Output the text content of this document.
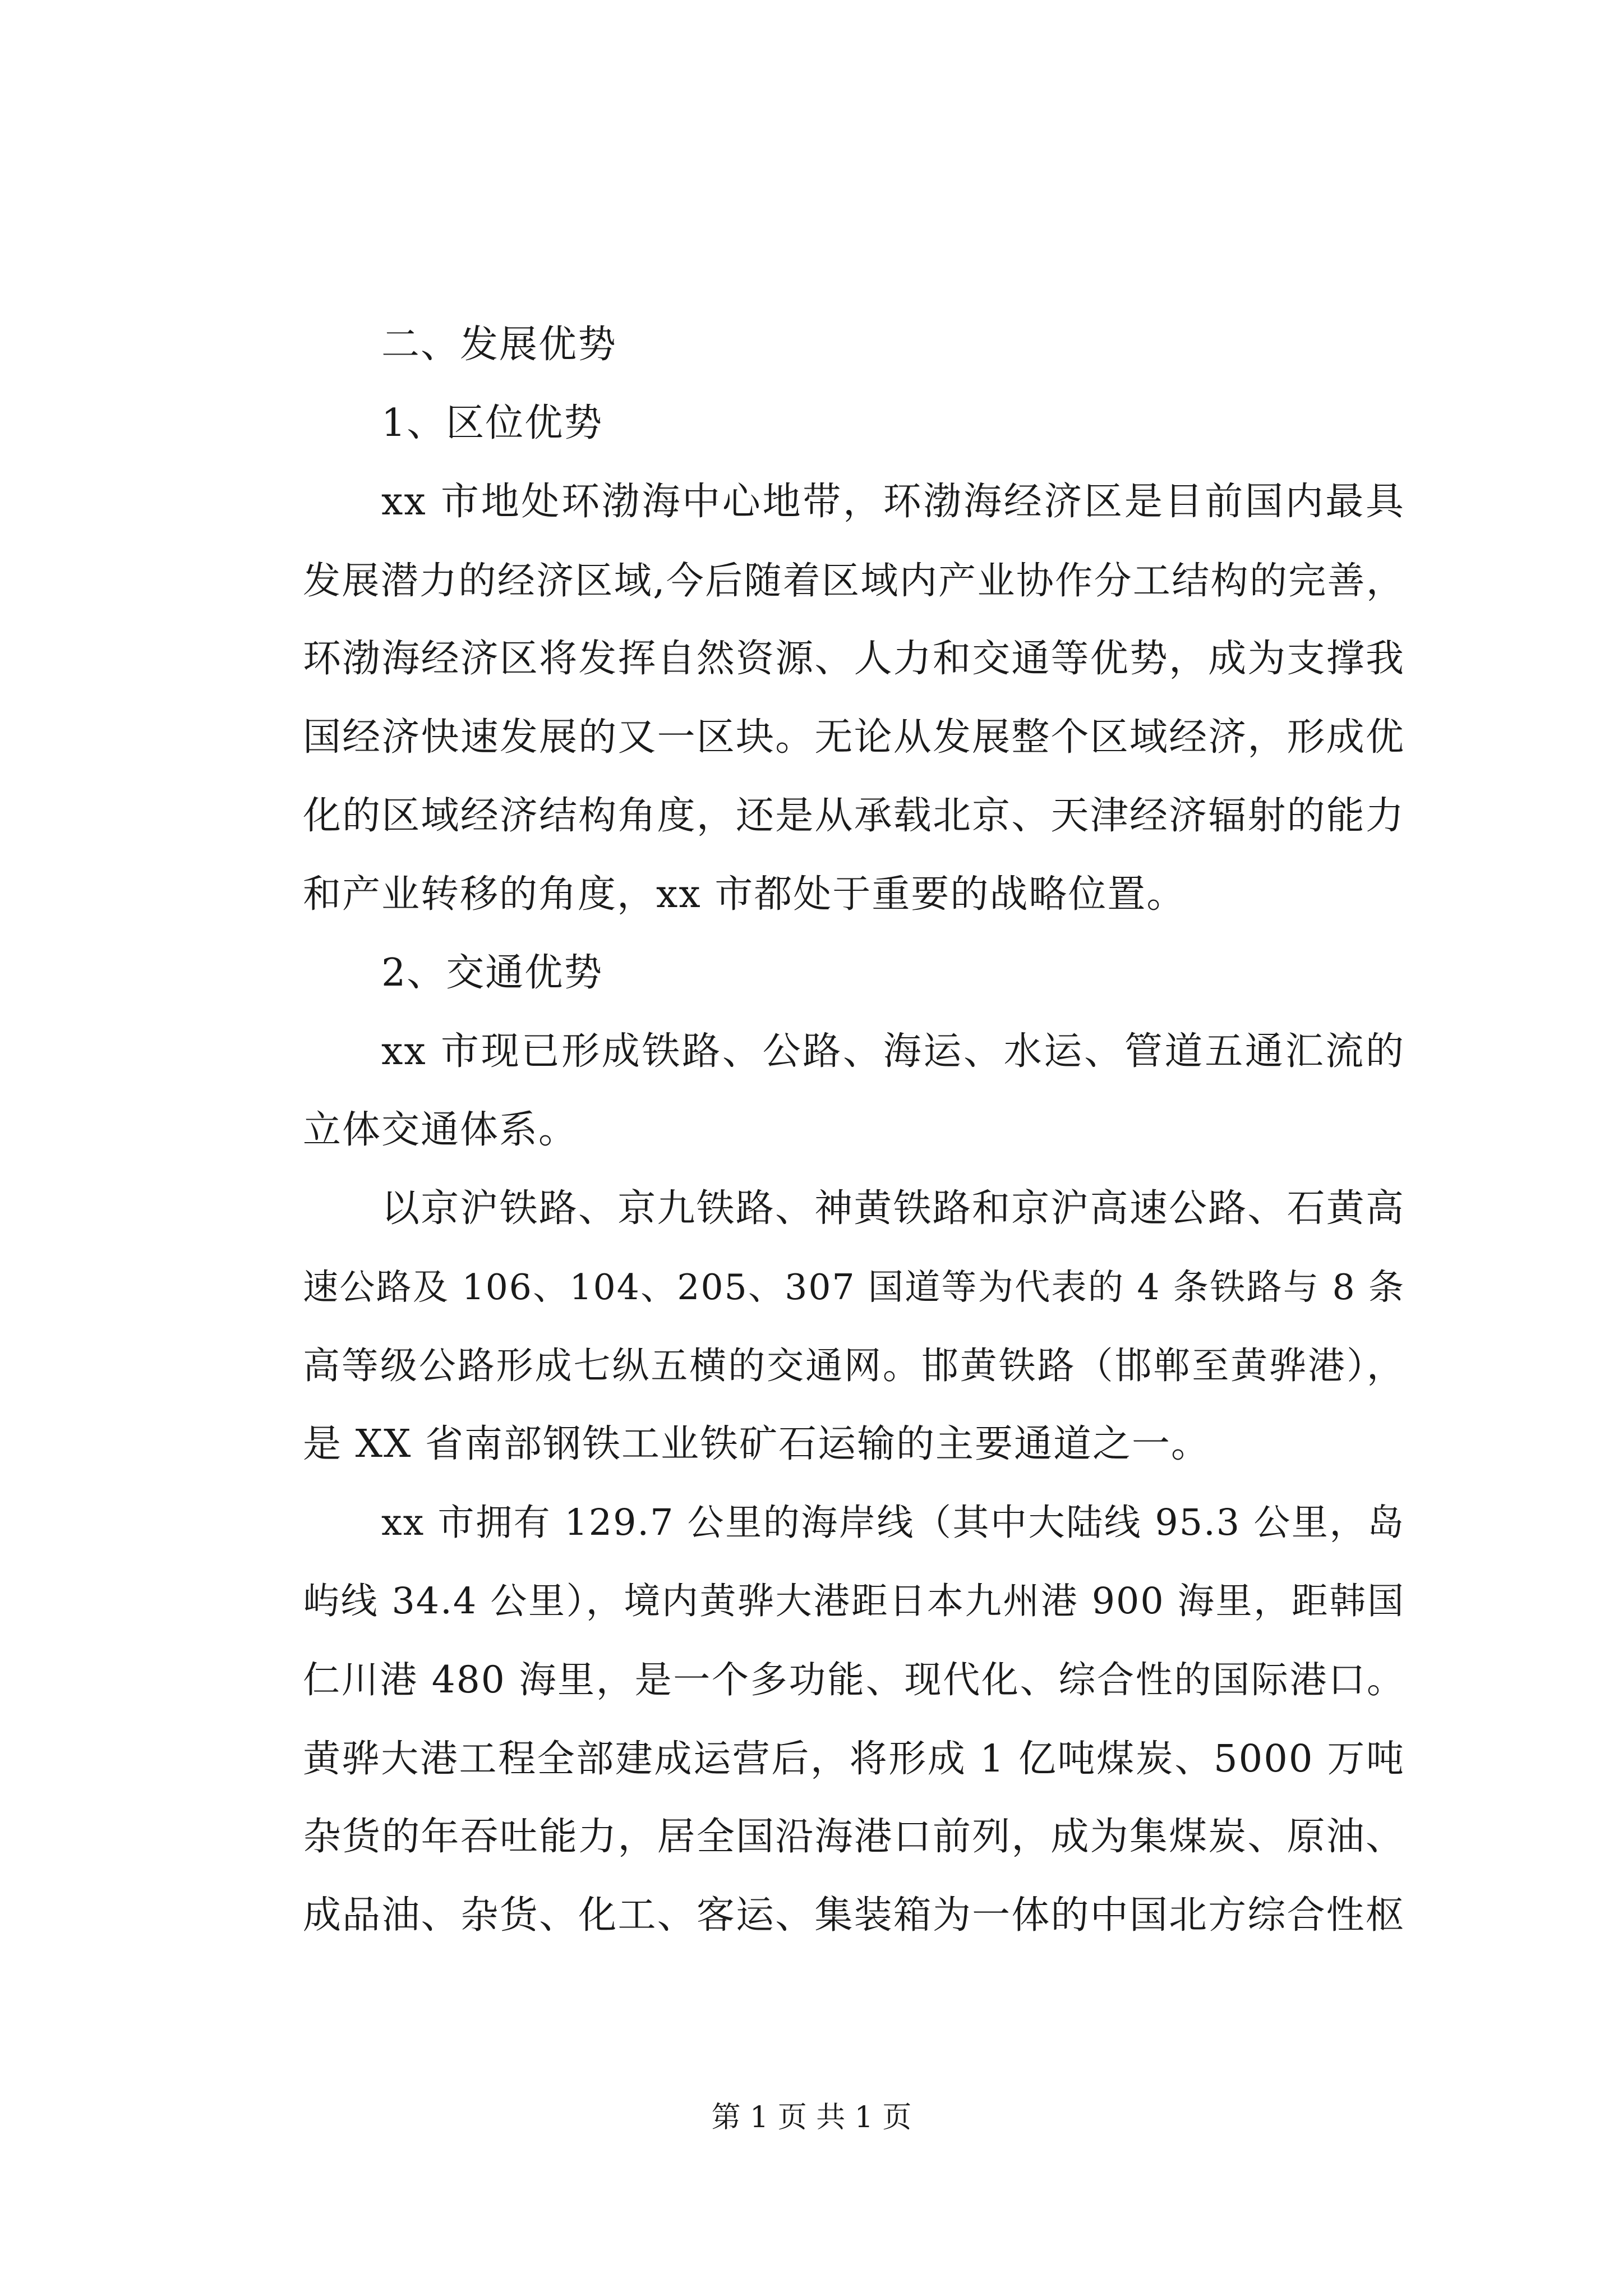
二、发展优势
1、区位优势
xx 市地处环渤海中心地带，环渤海经济区是目前国内最具
发展潜力的经济区域,今后随着区域内产业协作分工结构的完善，
环渤海经济区将发挥自然资源、人力和交通等优势，成为支撑我
国经济快速发展的又一区块。无论从发展整个区域经济，形成优
化的区域经济结构角度，还是从承载北京、天津经济辐射的能力
和产业转移的角度，xx 市都处于重要的战略位置。
2、交通优势
xx 市现已形成铁路、公路、海运、水运、管道五通汇流的
立体交通体系。
以京沪铁路、京九铁路、神黄铁路和京沪高速公路、石黄高
速公路及 106、104、205、307 国道等为代表的 4 条铁路与 8 条
高等级公路形成七纵五横的交通网。邯黄铁路（邯郸至黄骅港），
是 XX 省南部钢铁工业铁矿石运输的主要通道之一。
xx 市拥有 129.7 公里的海岸线（其中大陆线 95.3 公里，岛
屿线 34.4 公里），境内黄骅大港距日本九州港 900 海里，距韩国
仁川港 480 海里，是一个多功能、现代化、综合性的国际港口。
黄骅大港工程全部建成运营后，将形成 1 亿吨煤炭、5000 万吨
杂货的年吞吐能力，居全国沿海港口前列，成为集煤炭、原油、
成品油、杂货、化工、客运、集装箱为一体的中国北方综合性枢
第 1 页 共 1 页
